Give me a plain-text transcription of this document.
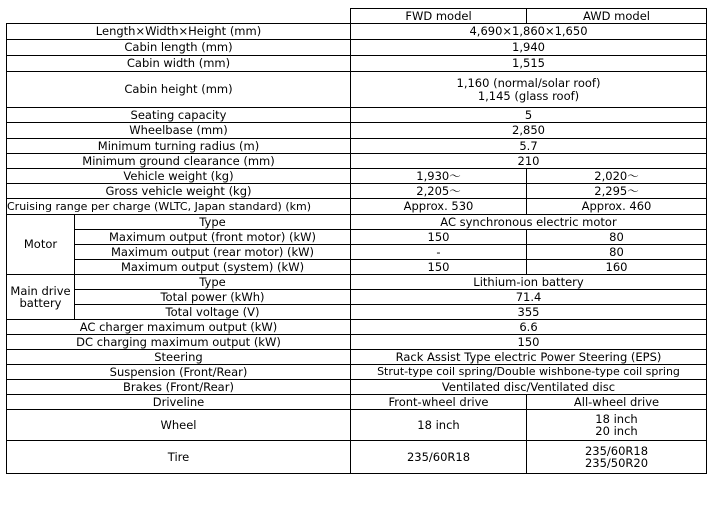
		FWD model	AWD model
Length×Width×Height (mm)		4,690×1,860×1,650	
Cabin length (mm)		1,940	
Cabin width (mm)		1,515	
Cabin height (mm)		1,160 (normal/solar roof)
1,145 (glass roof)	

Seating capacity		5	
Wheelbase (mm)		2,850	
Minimum turning radius (m)		5.7	
Minimum ground clearance (mm)		210	
Vehicle weight (kg)		1,930～	2,020～
Gross vehicle weight (kg)		2,205～	2,295～
Cruising range per charge (WLTC, Japan standard) (km)		Approx. 530	Approx. 460
Motor	Type	AC synchronous electric motor	
	Maximum output (front motor) (kW)	150	80
	Maximum output (rear motor) (kW)	-	80
	Maximum output (system) (kW)	150	160

Main drive
battery	Type	Lithium-ion battery	
	Total power (kWh)	71.4	
	Total voltage (V)	355	
AC charger maximum output (kW)		6.6	
DC charging maximum output (kW)		150	
Steering		Rack Assist Type electric Power Steering (EPS)	
Suspension (Front/Rear)		Strut-type coil spring/Double wishbone-type coil spring	
Brakes (Front/Rear)		Ventilated disc/Ventilated disc	
Driveline		Front-wheel drive	All-wheel drive
Wheel		18 inch	18 inch
20 inch

Tire		235/60R18	235/60R18
235/50R20
